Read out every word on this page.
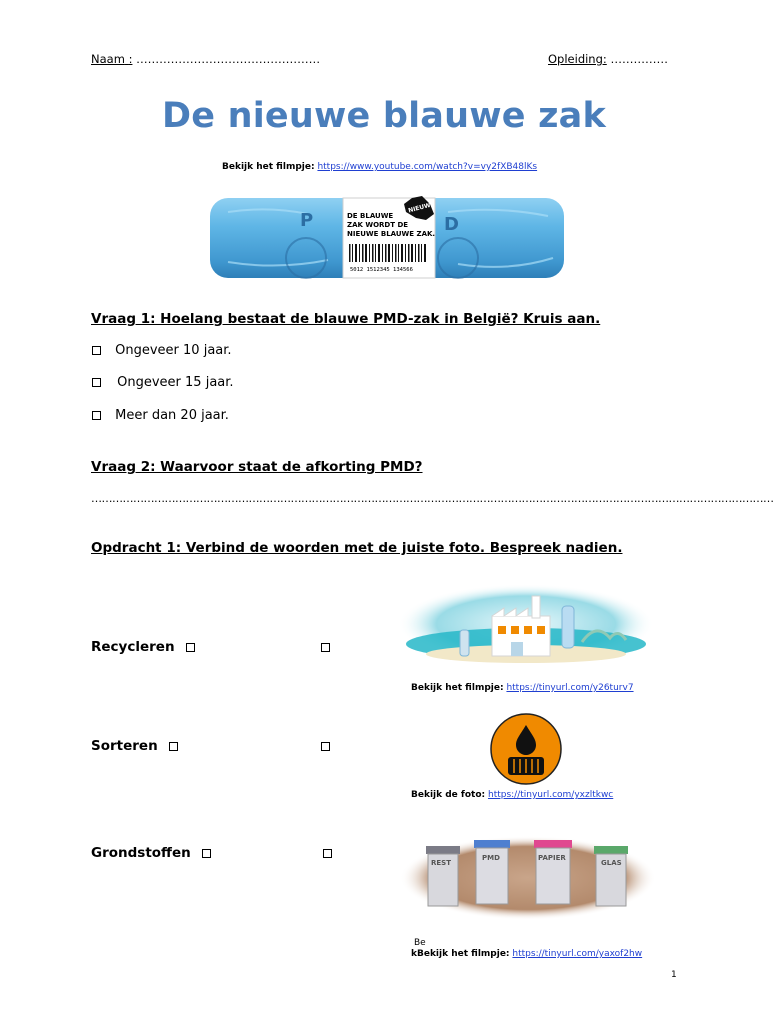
Naam : …………………………………………	Opleiding: ……………
De nieuwe blauwe zak
Bekijk het filmpje: https://www.youtube.com/watch?v=vy2fXB48lKs
P	D
DE BLAUWE
ZAK WORDT DE
NIEUWE BLAUWE ZAK.
NIEUW
5012 1512345 134566
Vraag 1: Hoelang bestaat de blauwe PMD-zak in België? Kruis aan.
Ongeveer 10 jaar.
Ongeveer 15 jaar.
Meer dan 20 jaar.
Vraag 2: Waarvoor staat de afkorting PMD?
……………………………………………………………………………………………………………………………………………………………………………
Opdracht 1: Verbind de woorden met de juiste foto. Bespreek nadien.
Recycleren
Bekijk het filmpje: https://tinyurl.com/y26turv7
Sorteren
Bekijk de foto: https://tinyurl.com/yxzltkwc
Grondstoffen
REST
PMD	PAPIER
GLAS
Be
kBekijk het filmpje: https://tinyurl.com/yaxof2hw
1
